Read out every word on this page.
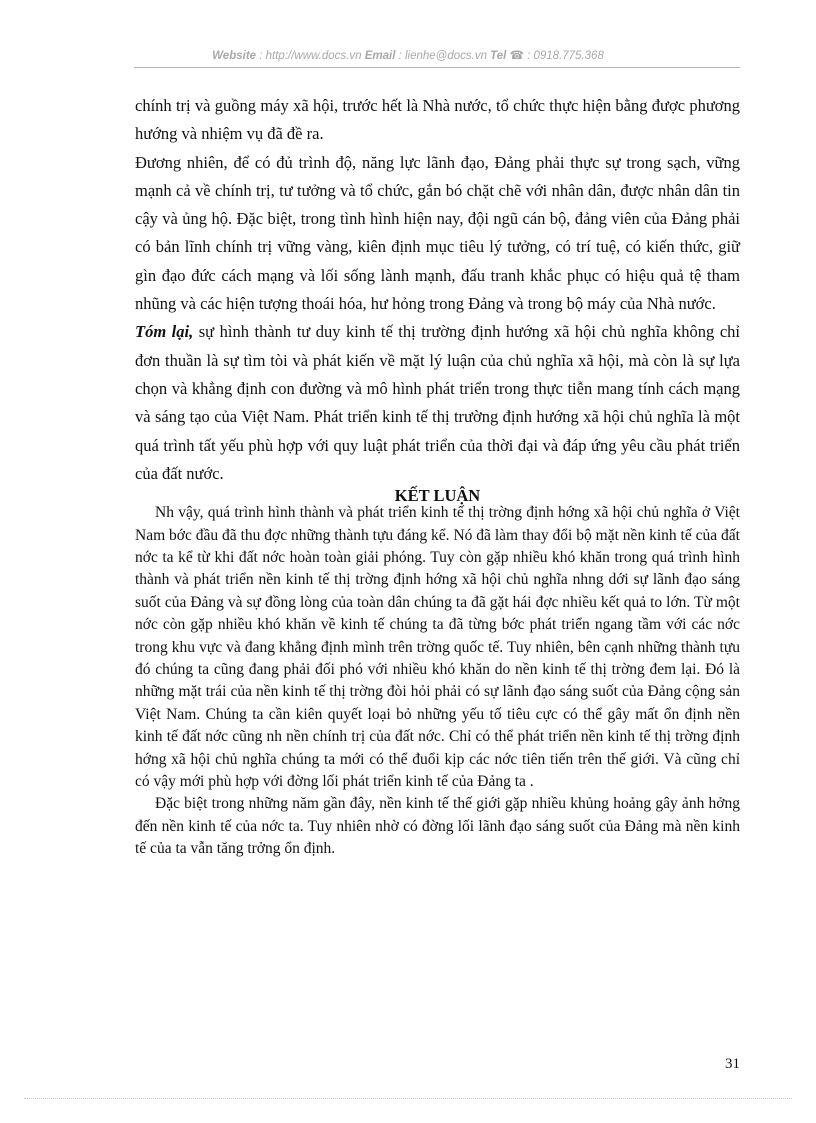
Website : http://www.docs.vn Email : lienhe@docs.vn Tel ☎ : 0918.775.368

chính trị và guồng máy xã hội, trước hết là Nhà nước, tổ chức thực hiện bằng được phương hướng và nhiệm vụ đã đề ra.

Đương nhiên, để có đủ trình độ, năng lực lãnh đạo, Đảng phải thực sự trong sạch, vững mạnh cả về chính trị, tư tưởng và tổ chức, gắn bó chặt chẽ với nhân dân, được nhân dân tin cậy và ủng hộ. Đặc biệt, trong tình hình hiện nay, đội ngũ cán bộ, đảng viên của Đảng phải có bản lĩnh chính trị vững vàng, kiên định mục tiêu lý tưởng, có trí tuệ, có kiến thức, giữ gìn đạo đức cách mạng và lối sống lành mạnh, đấu tranh khắc phục có hiệu quả tệ tham nhũng và các hiện tượng thoái hóa, hư hỏng trong Đảng và trong bộ máy của Nhà nước.

Tóm lại, sự hình thành tư duy kinh tế thị trường định hướng xã hội chủ nghĩa không chỉ đơn thuần là sự tìm tòi và phát kiến về mặt lý luận của chủ nghĩa xã hội, mà còn là sự lựa chọn và khẳng định con đường và mô hình phát triển trong thực tiễn mang tính cách mạng và sáng tạo của Việt Nam. Phát triển kinh tế thị trường định hướng xã hội chủ nghĩa là một quá trình tất yếu phù hợp với quy luật phát triển của thời đại và đáp ứng yêu cầu phát triển của đất nước.

KẾT LUẬN

Nh vậy, quá trình hình thành và phát triển kinh tế thị trờng định hớng xã hội chủ nghĩa ở Việt Nam bớc đầu đã thu đợc những thành tựu đáng kể. Nó đã làm thay đổi bộ mặt nền kinh tế của đất nớc ta kể từ khi đất nớc hoàn toàn giải phóng. Tuy còn gặp nhiều khó khăn trong quá trình hình thành và phát triển nền kinh tế thị trờng định hớng xã hội chủ nghĩa nhng dới sự lãnh đạo sáng suốt của Đảng và sự đồng lòng của toàn dân chúng ta đã gặt hái đợc nhiều kết quả to lớn. Từ một nớc còn gặp nhiều khó khăn về kinh tế chúng ta đã từng bớc phát triển ngang tầm với các nớc trong khu vực và đang khẳng định mình trên trờng quốc tế. Tuy nhiên, bên cạnh những thành tựu đó chúng ta cũng đang phải đối phó với nhiều khó khăn do nền kinh tế thị trờng đem lại. Đó là những mặt trái của nền kinh tế thị trờng đòi hỏi phải có sự lãnh đạo sáng suốt của Đảng cộng sản Việt Nam. Chúng ta cần kiên quyết loại bỏ những yếu tố tiêu cực có thể gây mất ổn định nền kinh tế đất nớc cũng nh nền chính trị của đất nớc. Chỉ có thể phát triển nền kinh tế thị trờng định hớng xã hội chủ nghĩa chúng ta mới có thể đuổi kịp các nớc tiên tiến trên thế giới. Và cũng chỉ có vậy mới phù hợp với đờng lối phát triển kinh tế của Đảng ta .

Đặc biệt trong những năm gần đây, nền kinh tế thế giới gặp nhiều khủng hoảng gây ảnh hởng đến nền kinh tế của nớc ta. Tuy nhiên nhờ có đờng lối lãnh đạo sáng suốt của Đảng mà nền kinh tế của ta vẫn tăng trởng ổn định.

31
